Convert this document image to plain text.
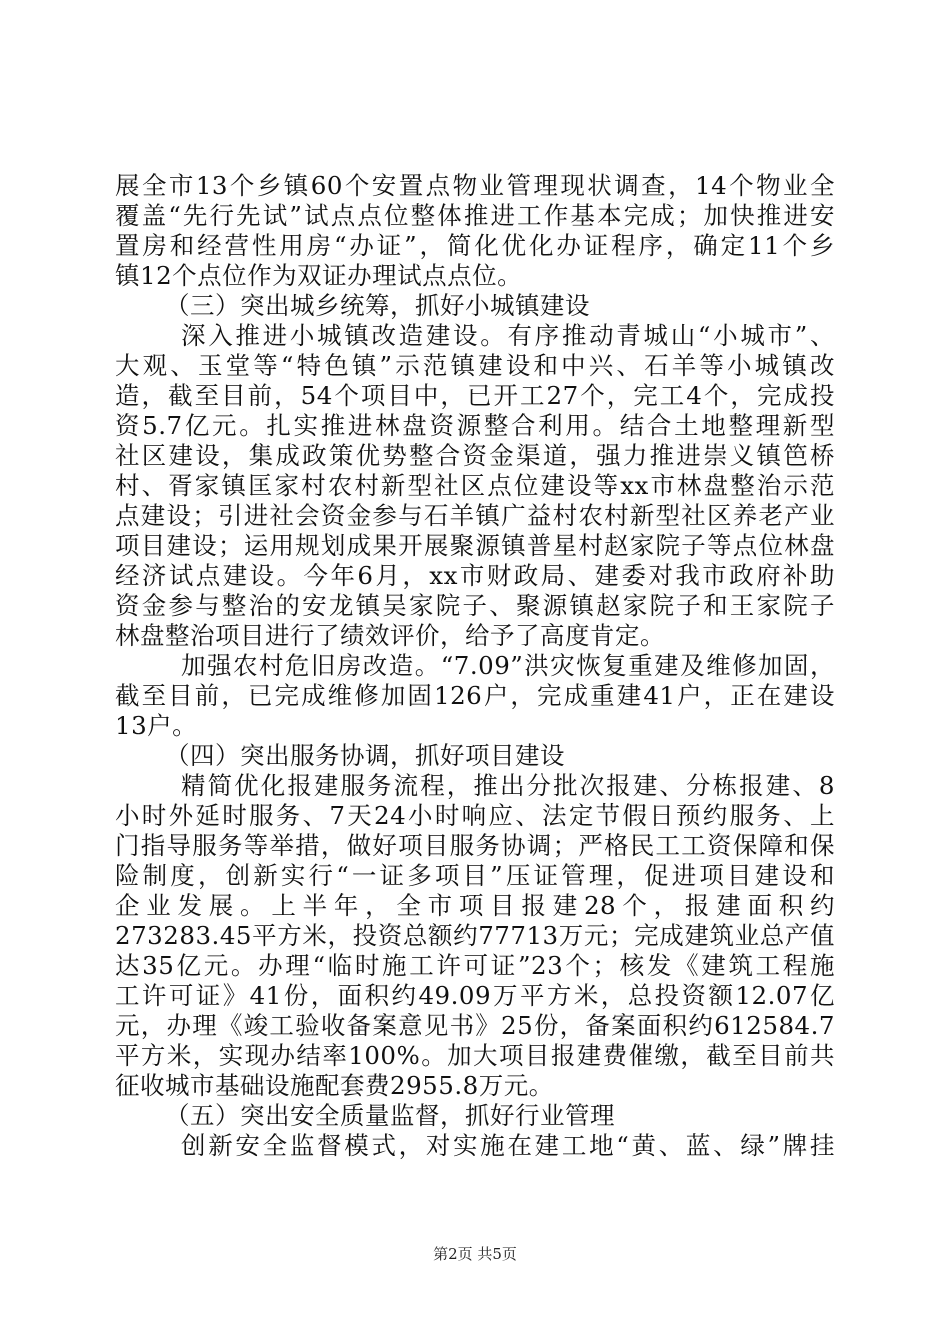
展全市13个乡镇60个安置点物业管理现状调查，14个物业全
覆盖“先行先试”试点点位整体推进工作基本完成；加快推进安
置房和经营性用房“办证”，简化优化办证程序，确定11个乡
镇12个点位作为双证办理试点点位。
（三）突出城乡统筹，抓好小城镇建设
深入推进小城镇改造建设。有序推动青城山“小城市”、
大观、玉堂等“特色镇”示范镇建设和中兴、石羊等小城镇改
造，截至目前，54个项目中，已开工27个，完工4个，完成投
资5.7亿元。扎实推进林盘资源整合利用。结合土地整理新型
社区建设，集成政策优势整合资金渠道，强力推进崇义镇笆桥
村、胥家镇匡家村农村新型社区点位建设等xx市林盘整治示范
点建设；引进社会资金参与石羊镇广益村农村新型社区养老产业
项目建设；运用规划成果开展聚源镇普星村赵家院子等点位林盘
经济试点建设。今年6月，xx市财政局、建委对我市政府补助
资金参与整治的安龙镇吴家院子、聚源镇赵家院子和王家院子
林盘整治项目进行了绩效评价，给予了高度肯定。
加强农村危旧房改造。“7.09”洪灾恢复重建及维修加固，
截至目前，已完成维修加固126户，完成重建41户，正在建设
13户。
（四）突出服务协调，抓好项目建设
精简优化报建服务流程，推出分批次报建、分栋报建、8
小时外延时服务、7天24小时响应、法定节假日预约服务、上
门指导服务等举措，做好项目服务协调；严格民工工资保障和保
险制度，创新实行“一证多项目”压证管理，促进项目建设和
企业发展。上半年，全市项目报建28个，报建面积约
273283.45平方米，投资总额约77713万元；完成建筑业总产值
达35亿元。办理“临时施工许可证”23个；核发《建筑工程施
工许可证》41份，面积约49.09万平方米，总投资额12.07亿
元，办理《竣工验收备案意见书》25份，备案面积约612584.7
平方米，实现办结率100%。加大项目报建费催缴，截至目前共
征收城市基础设施配套费2955.8万元。
（五）突出安全质量监督，抓好行业管理
创新安全监督模式，对实施在建工地“黄、蓝、绿”牌挂
第2页 共5页
